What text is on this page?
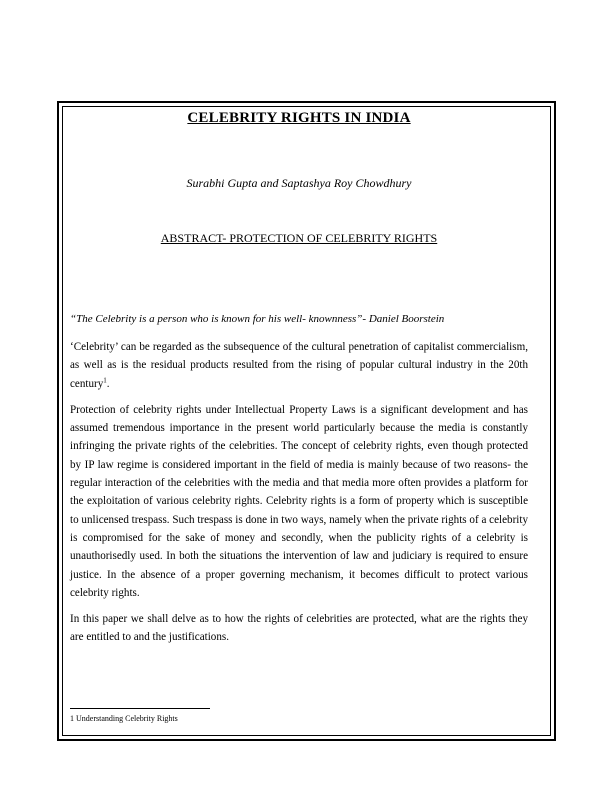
CELEBRITY RIGHTS IN INDIA

Surabhi Gupta and Saptashya Roy Chowdhury

ABSTRACT- PROTECTION OF CELEBRITY RIGHTS

“The Celebrity is a person who is known for his well- knownness”- Daniel Boorstein

‘Celebrity’ can be regarded as the subsequence of the cultural penetration of capitalist commercialism, as well as is the residual products resulted from the rising of popular cultural industry in the 20th century$^1$.

Protection of celebrity rights under Intellectual Property Laws is a significant development and has assumed tremendous importance in the present world particularly because the media is constantly infringing the private rights of the celebrities. The concept of celebrity rights, even though protected by IP law regime is considered important in the field of media is mainly because of two reasons- the regular interaction of the celebrities with the media and that media more often provides a platform for the exploitation of various celebrity rights. Celebrity rights is a form of property which is susceptible to unlicensed trespass. Such trespass is done in two ways, namely when the private rights of a celebrity is compromised for the sake of money and secondly, when the publicity rights of a celebrity is unauthorisedly used. In both the situations the intervention of law and judiciary is required to ensure justice. In the absence of a proper governing mechanism, it becomes difficult to protect various celebrity rights.

In this paper we shall delve as to how the rights of celebrities are protected, what are the rights they are entitled to and the justifications.

1 Understanding Celebrity Rights
